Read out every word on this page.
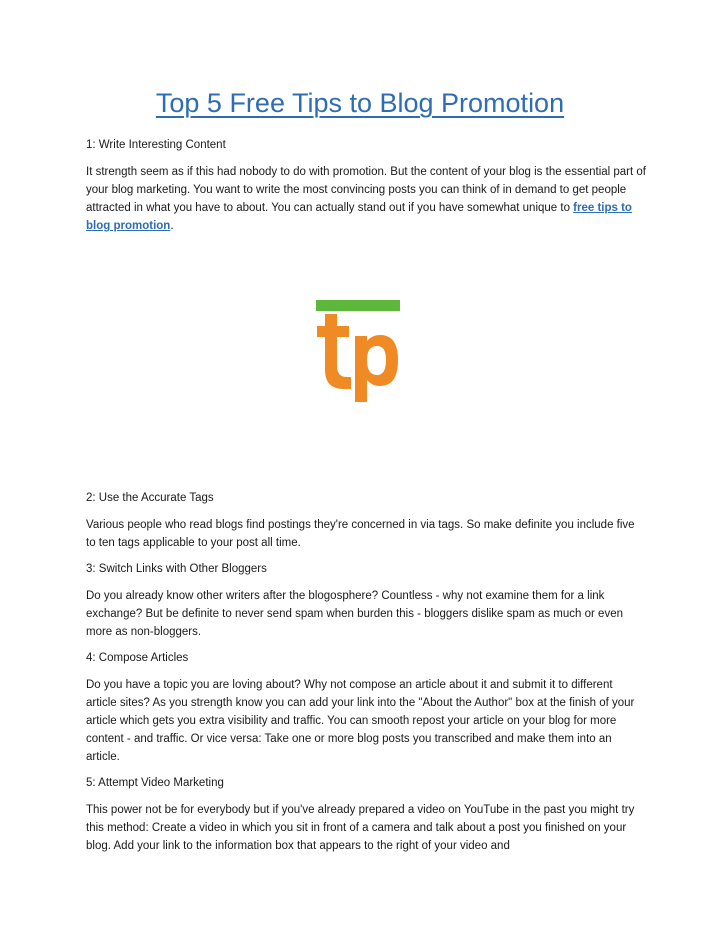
Top 5 Free Tips to Blog Promotion
1: Write Interesting Content
It strength seem as if this had nobody to do with promotion. But the content of your blog is the essential part of your blog marketing. You want to write the most convincing posts you can think of in demand to get people attracted in what you have to about. You can actually stand out if you have somewhat unique to free tips to blog promotion.
2: Use the Accurate Tags
Various people who read blogs find postings they're concerned in via tags. So make definite you include five to ten tags applicable to your post all time.
3: Switch Links with Other Bloggers
Do you already know other writers after the blogosphere? Countless - why not examine them for a link exchange? But be definite to never send spam when burden this - bloggers dislike spam as much or even more as non-bloggers.
4: Compose Articles
Do you have a topic you are loving about? Why not compose an article about it and submit it to different article sites? As you strength know you can add your link into the "About the Author" box at the finish of your article which gets you extra visibility and traffic. You can smooth repost your article on your blog for more content - and traffic. Or vice versa: Take one or more blog posts you transcribed and make them into an article.
5: Attempt Video Marketing
This power not be for everybody but if you've already prepared a video on YouTube in the past you might try this method: Create a video in which you sit in front of a camera and talk about a post you finished on your blog. Add your link to the information box that appears to the right of your video and
